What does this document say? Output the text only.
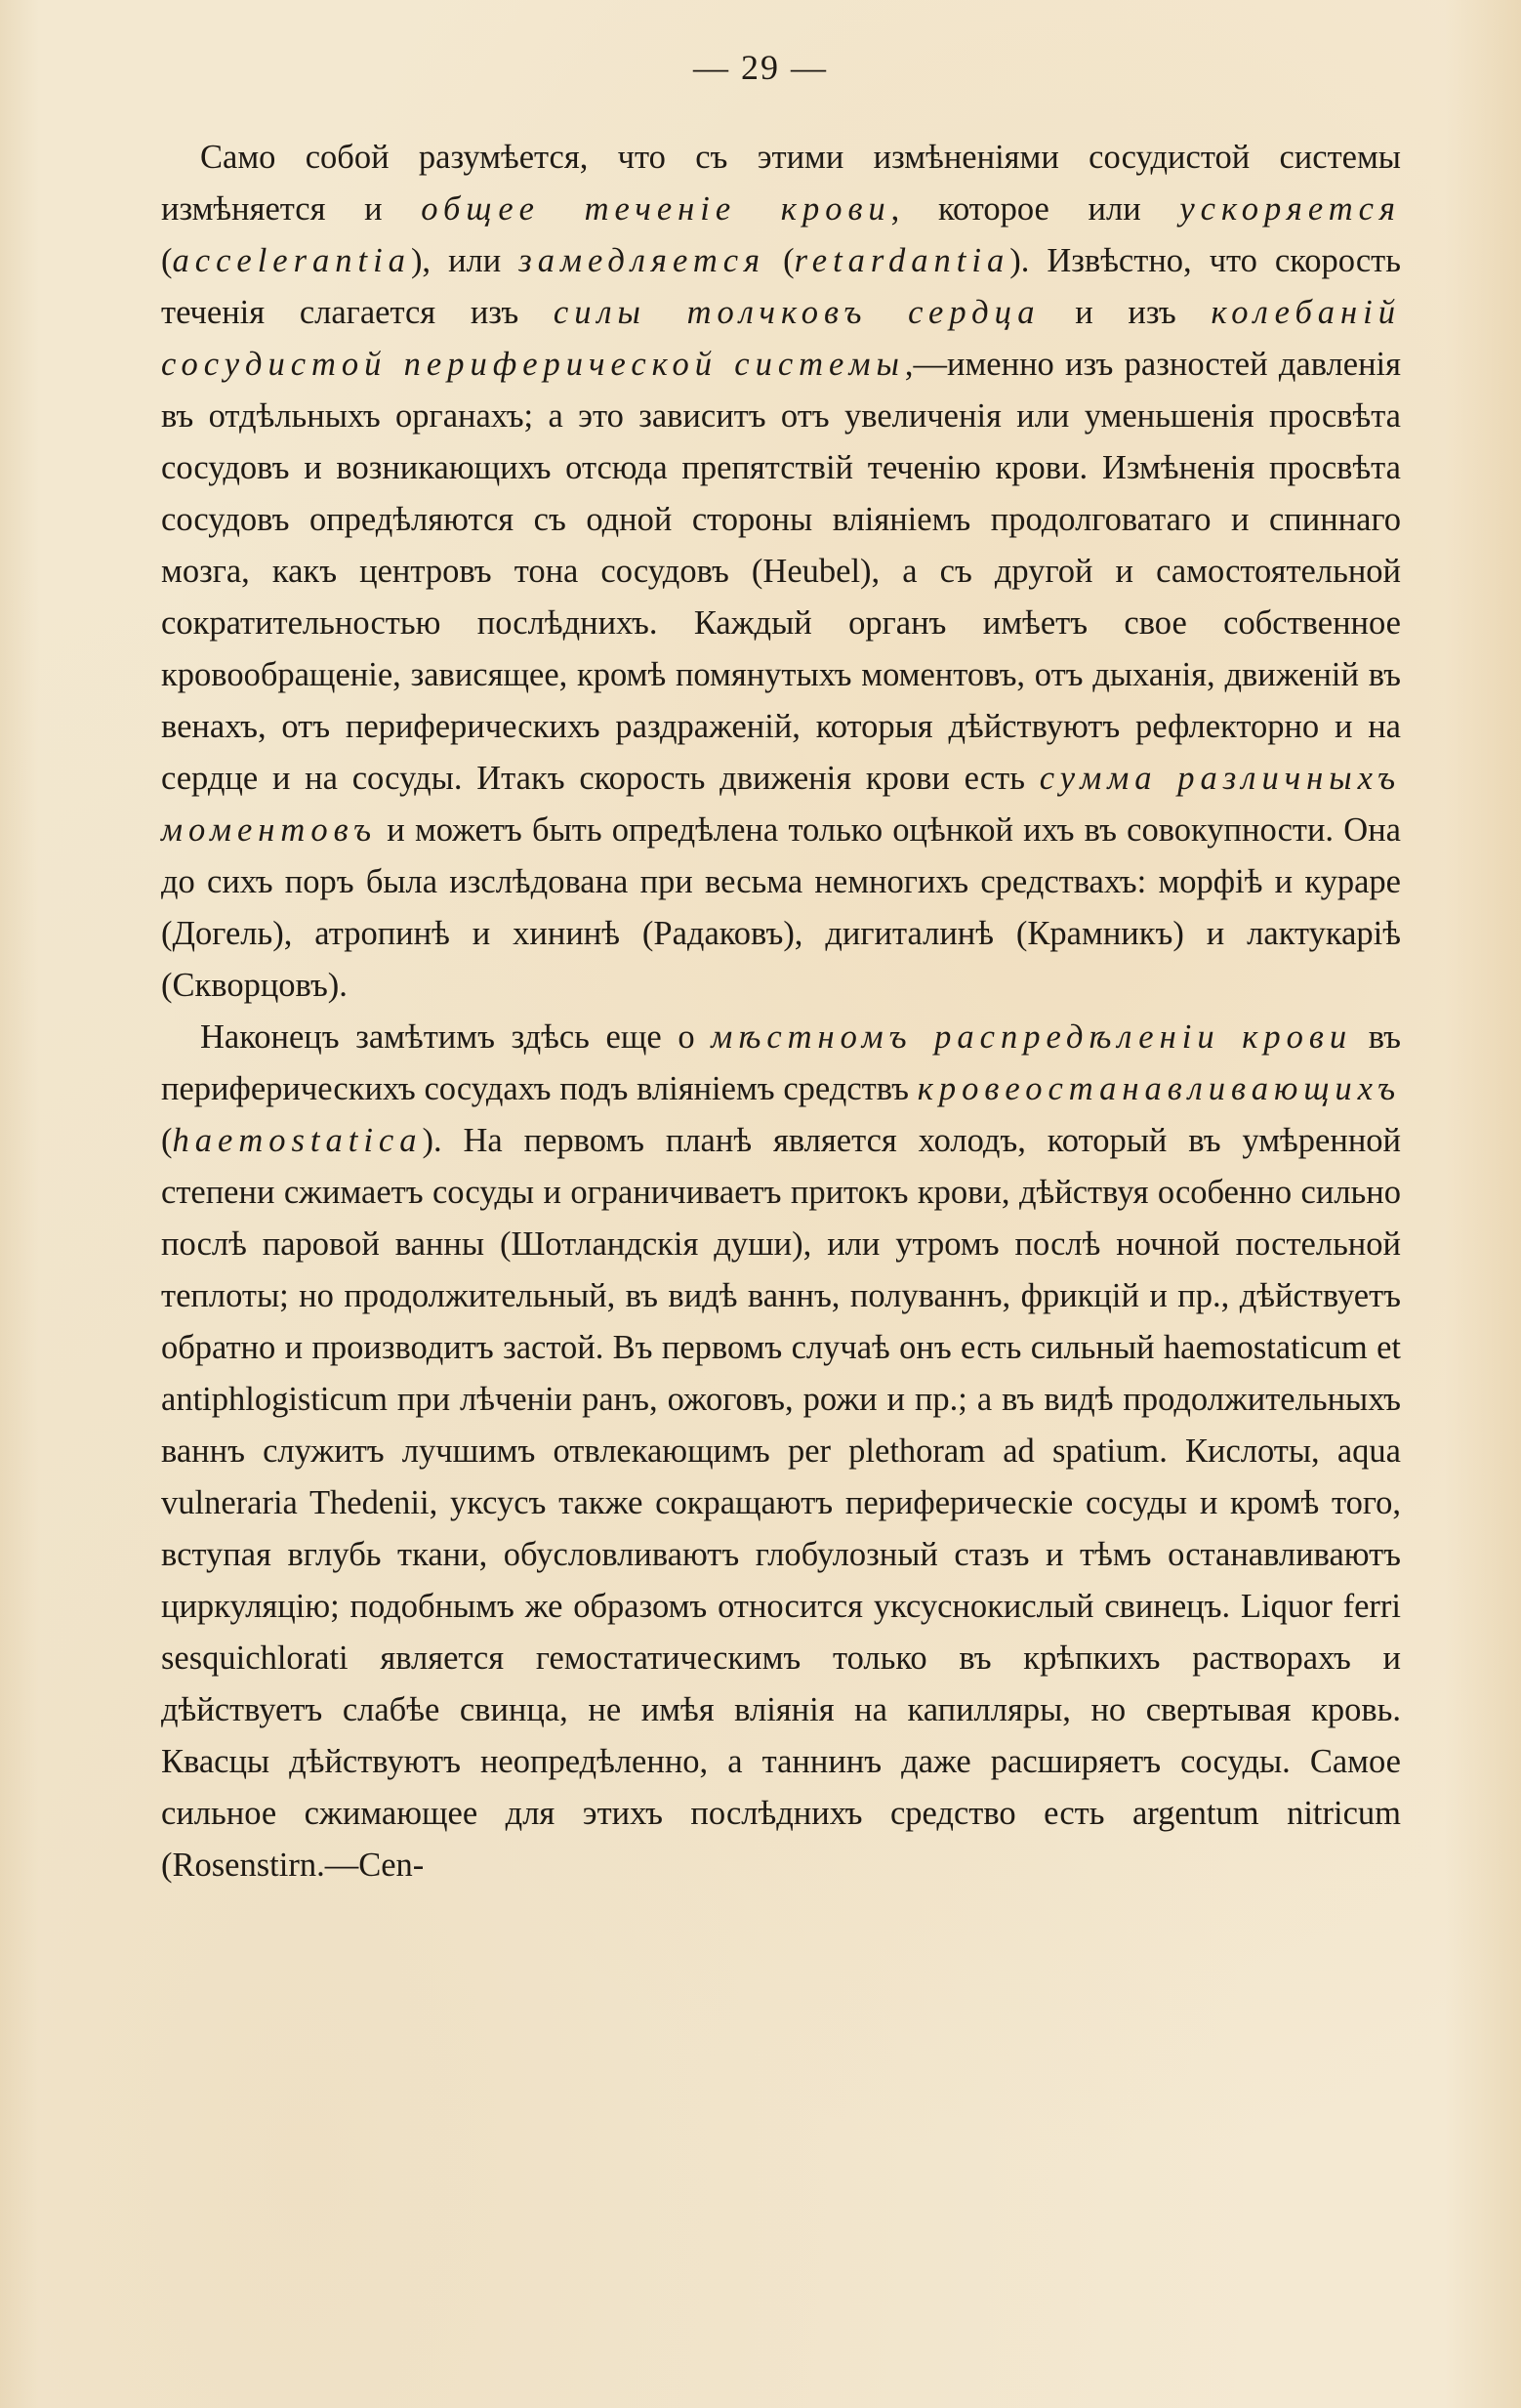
— 29 —

Само собой разумѣется, что съ этими измѣненіями сосудистой системы измѣняется и общее теченіе крови, которое или ускоряется (accelerantia), или замедляется (retardantia). Извѣстно, что скорость теченія слагается изъ силы толчковъ сердца и изъ колебаній сосудистой периферической системы,—именно изъ разностей давленія въ отдѣльныхъ органахъ; а это зависитъ отъ увеличенія или уменьшенія просвѣта сосудовъ и возникающихъ отсюда препятствій теченію крови. Измѣненія просвѣта сосудовъ опредѣляются съ одной стороны вліяніемъ продолговатаго и спиннаго мозга, какъ центровъ тона сосудовъ (Heubel), а съ другой и самостоятельной сократительностью послѣднихъ. Каждый органъ имѣетъ свое собственное кровообращеніе, зависящее, кромѣ помянутыхъ моментовъ, отъ дыханія, движеній въ венахъ, отъ периферическихъ раздраженій, которыя дѣйствуютъ рефлекторно и на сердце и на сосуды. Итакъ скорость движенія крови есть сумма различныхъ моментовъ и можетъ быть опредѣлена только оцѣнкой ихъ въ совокупности. Она до сихъ поръ была изслѣдована при весьма немногихъ средствахъ: морфіѣ и кураре (Догель), атропинѣ и хининѣ (Радаковъ), дигиталинѣ (Крамникъ) и лактукаріѣ (Скворцовъ).

Наконецъ замѣтимъ здѣсь еще о мѣстномъ распредѣленіи крови въ периферическихъ сосудахъ подъ вліяніемъ средствъ кровеостанавливающихъ (haemostatica). На первомъ планѣ является холодъ, который въ умѣренной степени сжимаетъ сосуды и ограничиваетъ притокъ крови, дѣйствуя особенно сильно послѣ паровой ванны (Шотландскія души), или утромъ послѣ ночной постельной теплоты; но продолжительный, въ видѣ ваннъ, полуваннъ, фрикцій и пр., дѣйствуетъ обратно и производитъ застой. Въ первомъ случаѣ онъ есть сильный haemostaticum et antiphlogisticum при лѣченіи ранъ, ожоговъ, рожи и пр.; а въ видѣ продолжительныхъ ваннъ служитъ лучшимъ отвлекающимъ per plethoram ad spatium. Кислоты, aqua vulneraria Thedenii, уксусъ также сокращаютъ периферическіе сосуды и кромѣ того, вступая вглубь ткани, обусловливаютъ глобулозный стазъ и тѣмъ останавливаютъ циркуляцію; подобнымъ же образомъ относится уксуснокислый свинецъ. Liquor ferri sesquichlorati является гемостатическимъ только въ крѣпкихъ растворахъ и дѣйствуетъ слабѣе свинца, не имѣя вліянія на капилляры, но свертывая кровь. Квасцы дѣйствуютъ неопредѣленно, а таннинъ даже расширяетъ сосуды. Самое сильное сжимающее для этихъ послѣднихъ средство есть argentum nitricum (Rosenstirn.—Cen-
